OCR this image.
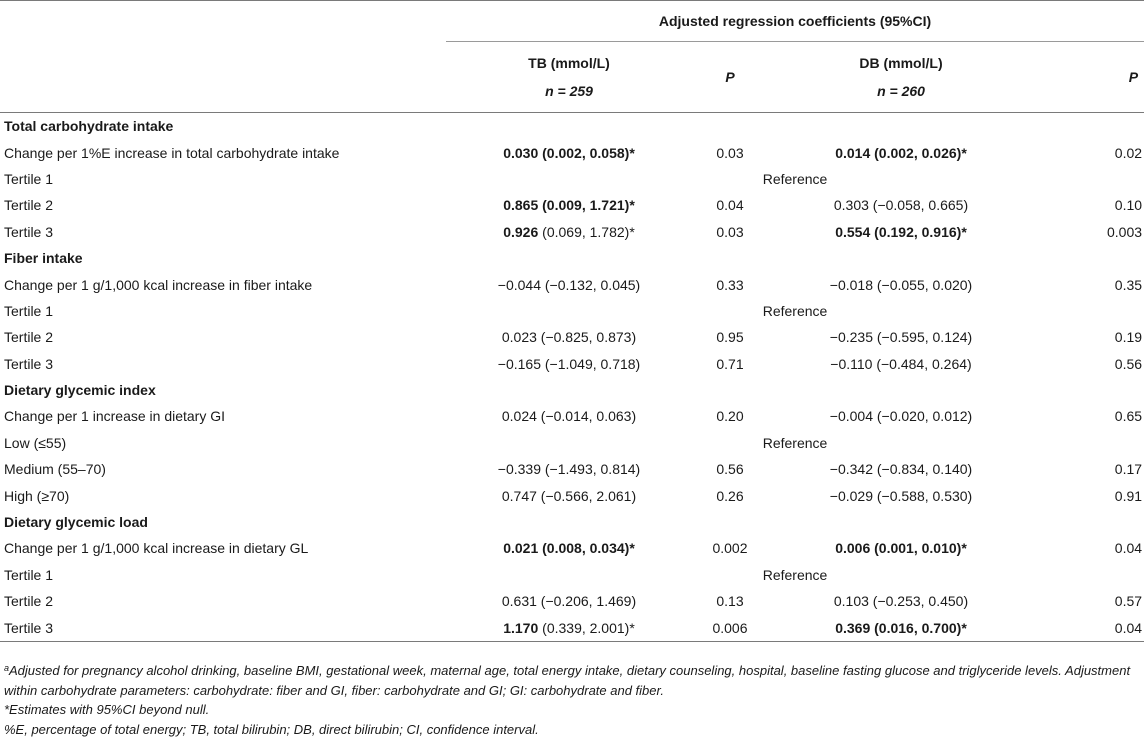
	Adjusted regression coefficients (95%CI)			

	TB (mmol/L)
n = 259	P	DB (mmol/L)
n = 260	P
Total carbohydrate intake				
Change per 1%E increase in total carbohydrate intake	0.030 (0.002, 0.058)*	0.03	0.014 (0.002, 0.026)*	0.02
Tertile 1	Reference			
Tertile 2	0.865 (0.009, 1.721)*	0.04	0.303 (−0.058, 0.665)	0.10
Tertile 3	0.926 (0.069, 1.782)*	0.03	0.554 (0.192, 0.916)*	0.003
Fiber intake				
Change per 1 g/1,000 kcal increase in fiber intake	−0.044 (−0.132, 0.045)	0.33	−0.018 (−0.055, 0.020)	0.35
Tertile 1	Reference			
Tertile 2	0.023 (−0.825, 0.873)	0.95	−0.235 (−0.595, 0.124)	0.19
Tertile 3	−0.165 (−1.049, 0.718)	0.71	−0.110 (−0.484, 0.264)	0.56
Dietary glycemic index				
Change per 1 increase in dietary GI	0.024 (−0.014, 0.063)	0.20	−0.004 (−0.020, 0.012)	0.65
Low (≤55)	Reference			
Medium (55–70)	−0.339 (−1.493, 0.814)	0.56	−0.342 (−0.834, 0.140)	0.17
High (≥70)	0.747 (−0.566, 2.061)	0.26	−0.029 (−0.588, 0.530)	0.91
Dietary glycemic load				
Change per 1 g/1,000 kcal increase in dietary GL	0.021 (0.008, 0.034)*	0.002	0.006 (0.001, 0.010)*	0.04
Tertile 1	Reference			
Tertile 2	0.631 (−0.206, 1.469)	0.13	0.103 (−0.253, 0.450)	0.57
Tertile 3	1.170 (0.339, 2.001)*	0.006	0.369 (0.016, 0.700)*	0.04

$^a$Adjusted for pregnancy alcohol drinking, baseline BMI, gestational week, maternal age, total energy intake, dietary counseling, hospital, baseline fasting glucose and triglyceride levels. Adjustment within carbohydrate parameters: carbohydrate: fiber and GI, fiber: carbohydrate and GI; GI: carbohydrate and fiber.

*Estimates with 95%CI beyond null.

%E, percentage of total energy; TB, total bilirubin; DB, direct bilirubin; CI, confidence interval.
